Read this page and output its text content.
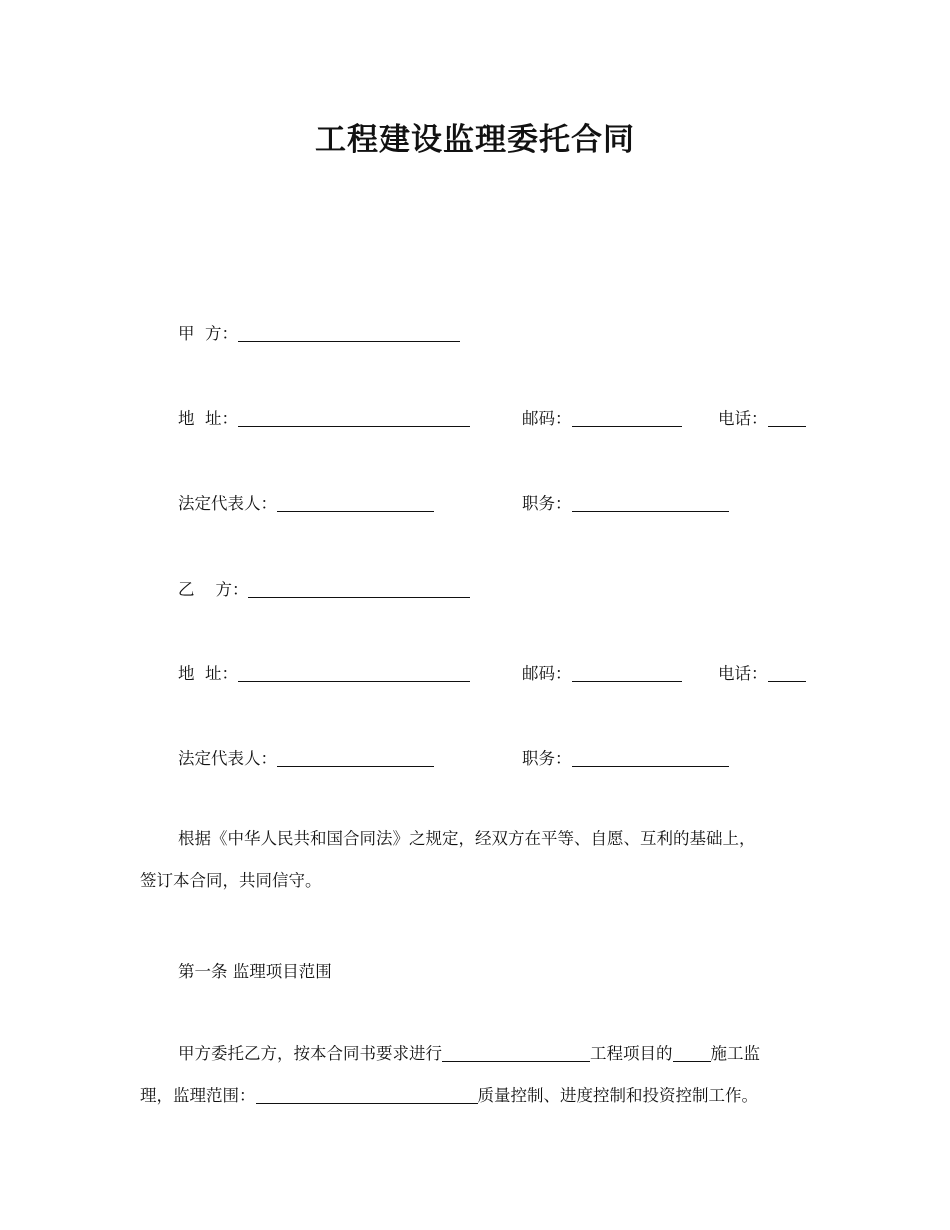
工程建设监理委托合同
甲  方：
地  址：	邮码：	电话：
法定代表人：	职务：
乙    方：
地  址：	邮码：	电话：
法定代表人：	职务：

根据《中华人民共和国合同法》之规定，经双方在平等、自愿、互利的基础上，

签订本合同，共同信守。

第一条 监理项目范围

甲方委托乙方，按本合同书要求进行	工程项目的 施工监

理，监理范围：	质量控制、进度控制和投资控制工作。
